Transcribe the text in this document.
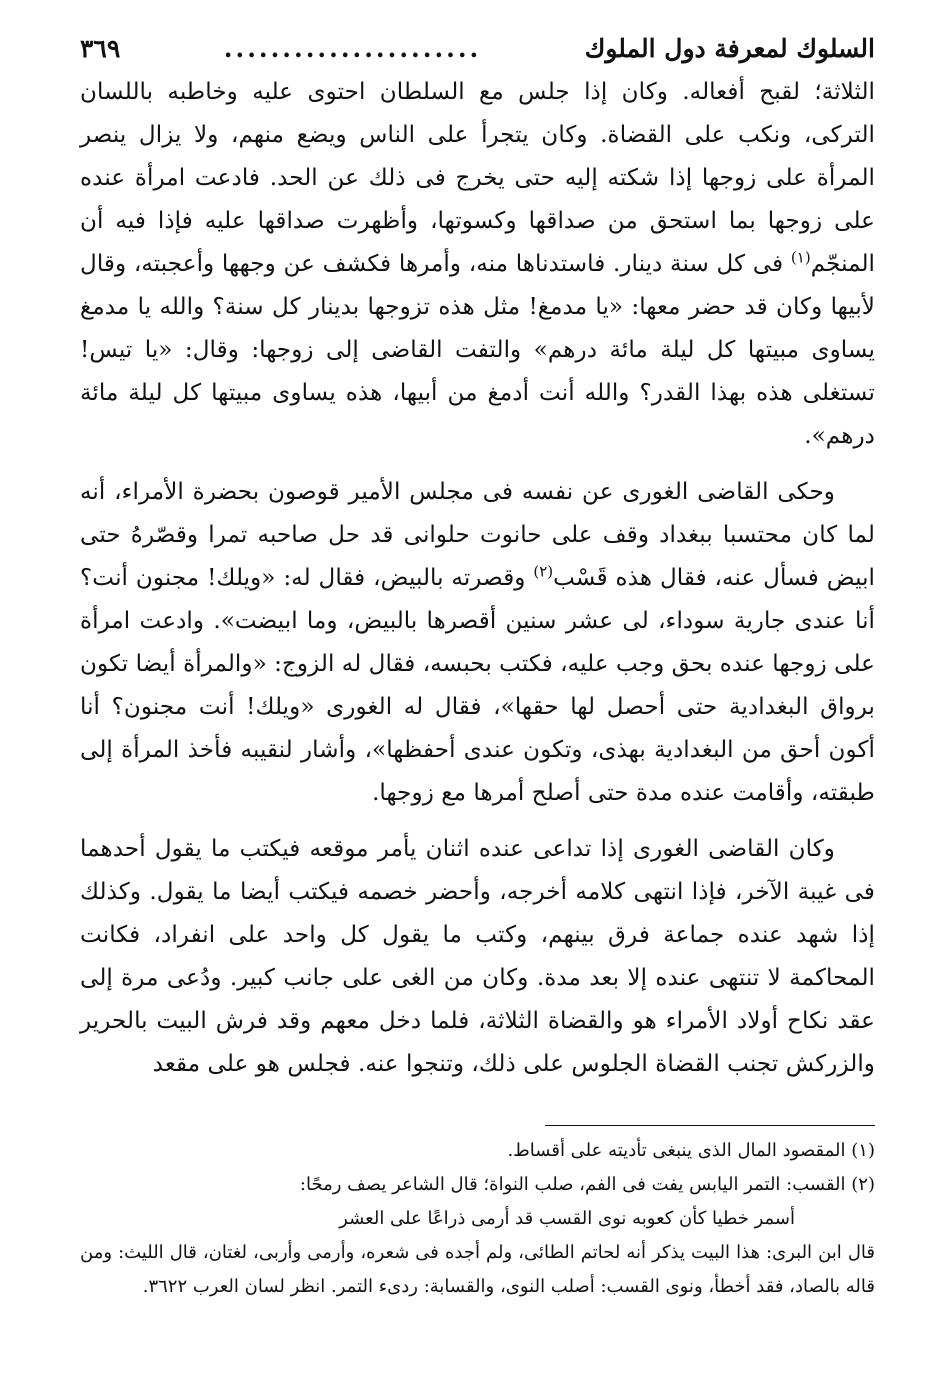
السلوك لمعرفة دول الملوك
......................
٣٦٩

الثلاثة؛ لقبح أفعاله. وكان إذا جلس مع السلطان احتوى عليه وخاطبه باللسان التركى، ونكب على القضاة. وكان يتجرأ على الناس ويضع منهم، ولا يزال ينصر المرأة على زوجها إذا شكته إليه حتى يخرج فى ذلك عن الحد. فادعت امرأة عنده على زوجها بما استحق من صداقها وكسوتها، وأظهرت صداقها عليه فإذا فيه أن المنجّم$^{(١)}$ فى كل سنة دينار. فاستدناها منه، وأمرها فكشف عن وجهها وأعجبته، وقال لأبيها وكان قد حضر معها: «يا مدمغ! مثل هذه تزوجها بدينار كل سنة؟ والله يا مدمغ يساوى مبيتها كل ليلة مائة درهم» والتفت القاضى إلى زوجها: وقال: «يا تيس! تستغلى هذه بهذا القدر؟ والله أنت أدمغ من أبيها، هذه يساوى مبيتها كل ليلة مائة درهم».

وحكى القاضى الغورى عن نفسه فى مجلس الأمير قوصون بحضرة الأمراء، أنه لما كان محتسبا ببغداد وقف على حانوت حلوانى قد حل صاحبه تمرا وقصّرهُ حتى ابيض فسأل عنه، فقال هذه قَسْب$^{(٢)}$ وقصرته بالبيض، فقال له: «ويلك! مجنون أنت؟ أنا عندى جارية سوداء، لى عشر سنين أقصرها بالبيض، وما ابيضت». وادعت امرأة على زوجها عنده بحق وجب عليه، فكتب بحبسه، فقال له الزوج: «والمرأة أيضا تكون برواق البغدادية حتى أحصل لها حقها»، فقال له الغورى «ويلك! أنت مجنون؟ أنا أكون أحق من البغدادية بهذى، وتكون عندى أحفظها»، وأشار لنقيبه فأخذ المرأة إلى طبقته، وأقامت عنده مدة حتى أصلح أمرها مع زوجها.

وكان القاضى الغورى إذا تداعى عنده اثنان يأمر موقعه فيكتب ما يقول أحدهما فى غيبة الآخر، فإذا انتهى كلامه أخرجه، وأحضر خصمه فيكتب أيضا ما يقول. وكذلك إذا شهد عنده جماعة فرق بينهم، وكتب ما يقول كل واحد على انفراد، فكانت المحاكمة لا تنتهى عنده إلا بعد مدة. وكان من الغى على جانب كبير. ودُعى مرة إلى عقد نكاح أولاد الأمراء هو والقضاة الثلاثة، فلما دخل معهم وقد فرش البيت بالحرير والزركش تجنب القضاة الجلوس على ذلك، وتنجوا عنه. فجلس هو على مقعد

(١) المقصود المال الذى ينبغى تأديته على أقساط.

(٢) القسب: التمر اليابس يفت فى الفم، صلب النواة؛ قال الشاعر يصف رمحًا:

أسمر خطيا كأن كعوبه نوى القسب قد أرمى ذراعًا على العشر

قال ابن البرى: هذا البيت يذكر أنه لحاتم الطائى، ولم أجده فى شعره، وأرمى وأربى، لغتان، قال الليث: ومن قاله بالصاد، فقد أخطأ، ونوى القسب: أصلب النوى، والقسابة: ردىء التمر. انظر لسان العرب ٣٦٢٢.
